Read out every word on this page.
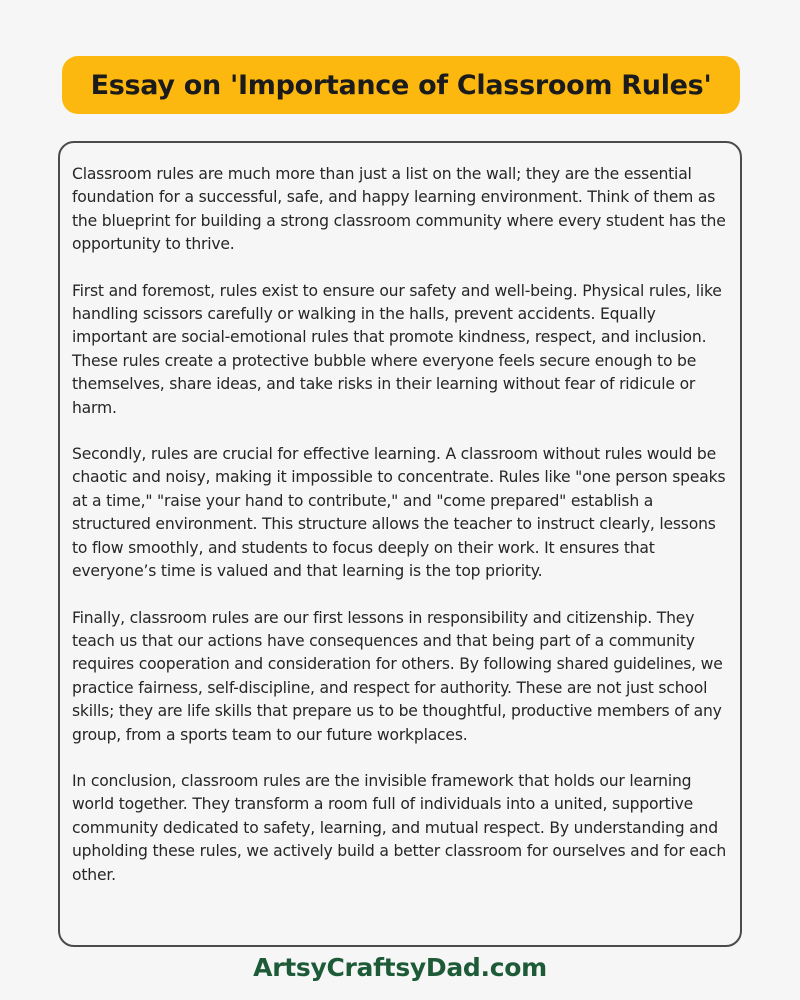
Essay on 'Importance of Classroom Rules'

Classroom rules are much more than just a list on the wall; they are the essential foundation for a successful, safe, and happy learning environment. Think of them as the blueprint for building a strong classroom community where every student has the opportunity to thrive.

First and foremost, rules exist to ensure our safety and well-being. Physical rules, like handling scissors carefully or walking in the halls, prevent accidents. Equally important are social-emotional rules that promote kindness, respect, and inclusion. These rules create a protective bubble where everyone feels secure enough to be themselves, share ideas, and take risks in their learning without fear of ridicule or harm.

Secondly, rules are crucial for effective learning. A classroom without rules would be chaotic and noisy, making it impossible to concentrate. Rules like "one person speaks at a time," "raise your hand to contribute," and "come prepared" establish a structured environment. This structure allows the teacher to instruct clearly, lessons to flow smoothly, and students to focus deeply on their work. It ensures that everyone’s time is valued and that learning is the top priority.

Finally, classroom rules are our first lessons in responsibility and citizenship. They teach us that our actions have consequences and that being part of a community requires cooperation and consideration for others. By following shared guidelines, we practice fairness, self-discipline, and respect for authority. These are not just school skills; they are life skills that prepare us to be thoughtful, productive members of any group, from a sports team to our future workplaces.

In conclusion, classroom rules are the invisible framework that holds our learning world together. They transform a room full of individuals into a united, supportive community dedicated to safety, learning, and mutual respect. By understanding and upholding these rules, we actively build a better classroom for ourselves and for each other.

ArtsyCraftsyDad.com
